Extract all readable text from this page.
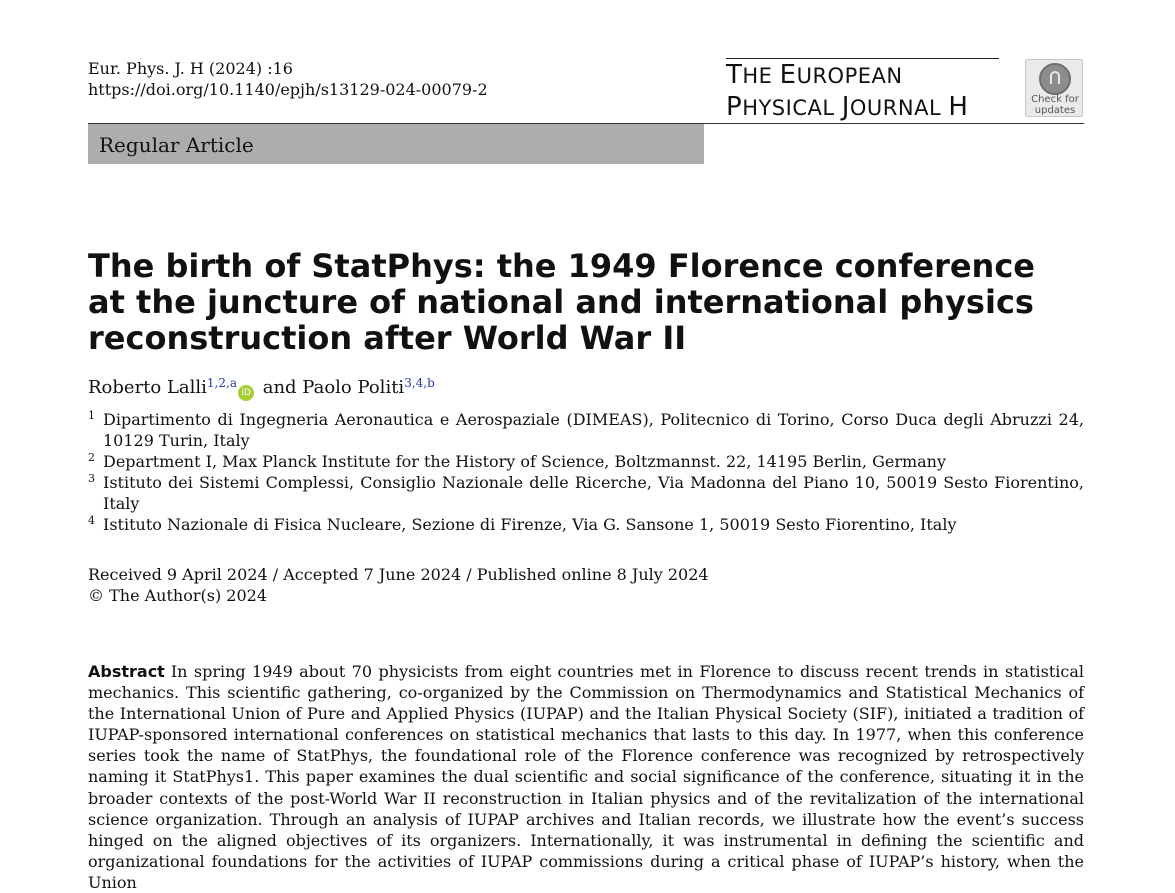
Eur. Phys. J. H (2024) :16
https://doi.org/10.1140/epjh/s13129-024-00079-2	THE EUROPEAN
PHYSICAL JOURNAL H	Check for
updates
Regular Article
The birth of StatPhys: the 1949 Florence conference at the juncture of national and international physics reconstruction after World War II
Roberto Lalli$^{1,2,a}$iD and Paolo Politi$^{3,4,b}$
1 Dipartimento di Ingegneria Aeronautica e Aerospaziale (DIMEAS), Politecnico di Torino, Corso Duca degli Abruzzi 24, 10129 Turin, Italy
2 Department I, Max Planck Institute for the History of Science, Boltzmannst. 22, 14195 Berlin, Germany
3 Istituto dei Sistemi Complessi, Consiglio Nazionale delle Ricerche, Via Madonna del Piano 10, 50019 Sesto Fiorentino, Italy
4 Istituto Nazionale di Fisica Nucleare, Sezione di Firenze, Via G. Sansone 1, 50019 Sesto Fiorentino, Italy
Received 9 April 2024 / Accepted 7 June 2024 / Published online 8 July 2024
© The Author(s) 2024
Abstract In spring 1949 about 70 physicists from eight countries met in Florence to discuss recent trends in statistical mechanics. This scientific gathering, co-organized by the Commission on Thermodynamics and Statistical Mechanics of the International Union of Pure and Applied Physics (IUPAP) and the Italian Physical Society (SIF), initiated a tradition of IUPAP-sponsored international conferences on statistical mechanics that lasts to this day. In 1977, when this conference series took the name of StatPhys, the foundational role of the Florence conference was recognized by retrospectively naming it StatPhys1. This paper examines the dual scientific and social significance of the conference, situating it in the broader contexts of the post-World War II reconstruction in Italian physics and of the revitalization of the international science organization. Through an analysis of IUPAP archives and Italian records, we illustrate how the event’s success hinged on the aligned objectives of its organizers. Internationally, it was instrumental in defining the scientific and organizational foundations for the activities of IUPAP commissions during a critical phase of IUPAP’s history, when the Union
